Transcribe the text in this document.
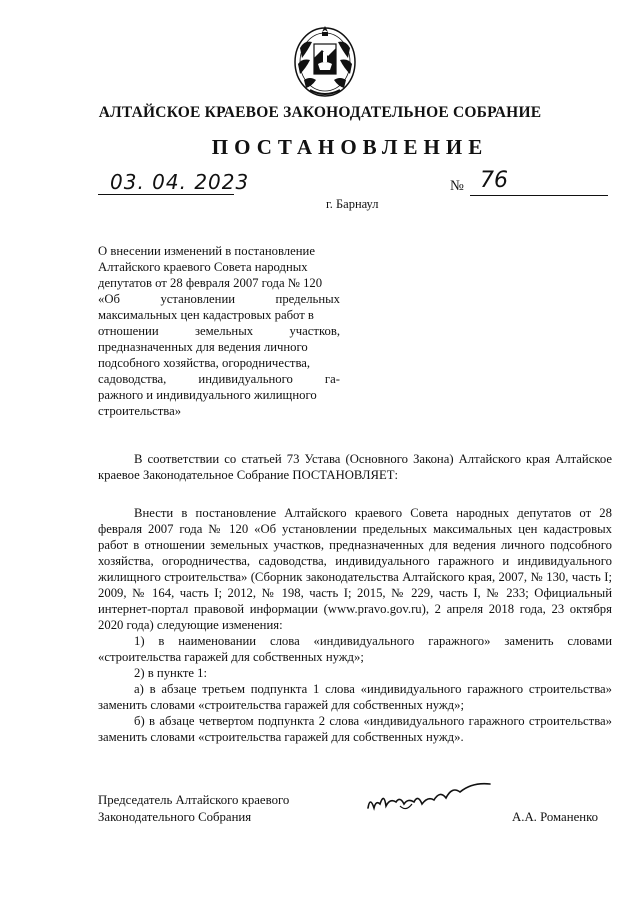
АЛТАЙСКОЕ КРАЕВОЕ ЗАКОНОДАТЕЛЬНОЕ СОБРАНИЕ
ПОСТАНОВЛЕНИЕ
03. 04. 2023	№ 76
г. Барнаул
О внесении изменений в постановление
Алтайского краевого Совета народных
депутатов от 28 февраля 2007 года № 120
«Об установлении предельных
максимальных цен кадастровых работ в
отношении земельных участков,
предназначенных для ведения личного
подсобного хозяйства, огородничества,
садоводства, индивидуального га-
ражного и индивидуального жилищного
строительства»

В соответствии со статьей 73 Устава (Основного Закона) Алтайского края Алтайское краевое Законодательное Собрание ПОСТАНОВЛЯЕТ:

Внести в постановление Алтайского краевого Совета народных депутатов от 28 февраля 2007 года № 120 «Об установлении предельных максимальных цен кадастровых работ в отношении земельных участков, предназначенных для ведения личного подсобного хозяйства, огородничества, садоводства, индивидуального гаражного и индивидуального жилищного строительства» (Сборник законодательства Алтайского края, 2007, № 130, часть I; 2009, № 164, часть I; 2012, № 198, часть I; 2015, № 229, часть I, № 233; Официальный интернет-портал правовой информации (www.pravo.gov.ru), 2 апреля 2018 года, 23 октября 2020 года) следующие изменения:

1) в наименовании слова «индивидуального гаражного» заменить словами «строительства гаражей для собственных нужд»;

2) в пункте 1:

а) в абзаце третьем подпункта 1 слова «индивидуального гаражного строительства» заменить словами «строительства гаражей для собственных нужд»;

б) в абзаце четвертом подпункта 2 слова «индивидуального гаражного строительства» заменить словами «строительства гаражей для собственных нужд».

Председатель Алтайского краевого
Законодательного Собрания	А.А. Романенко
